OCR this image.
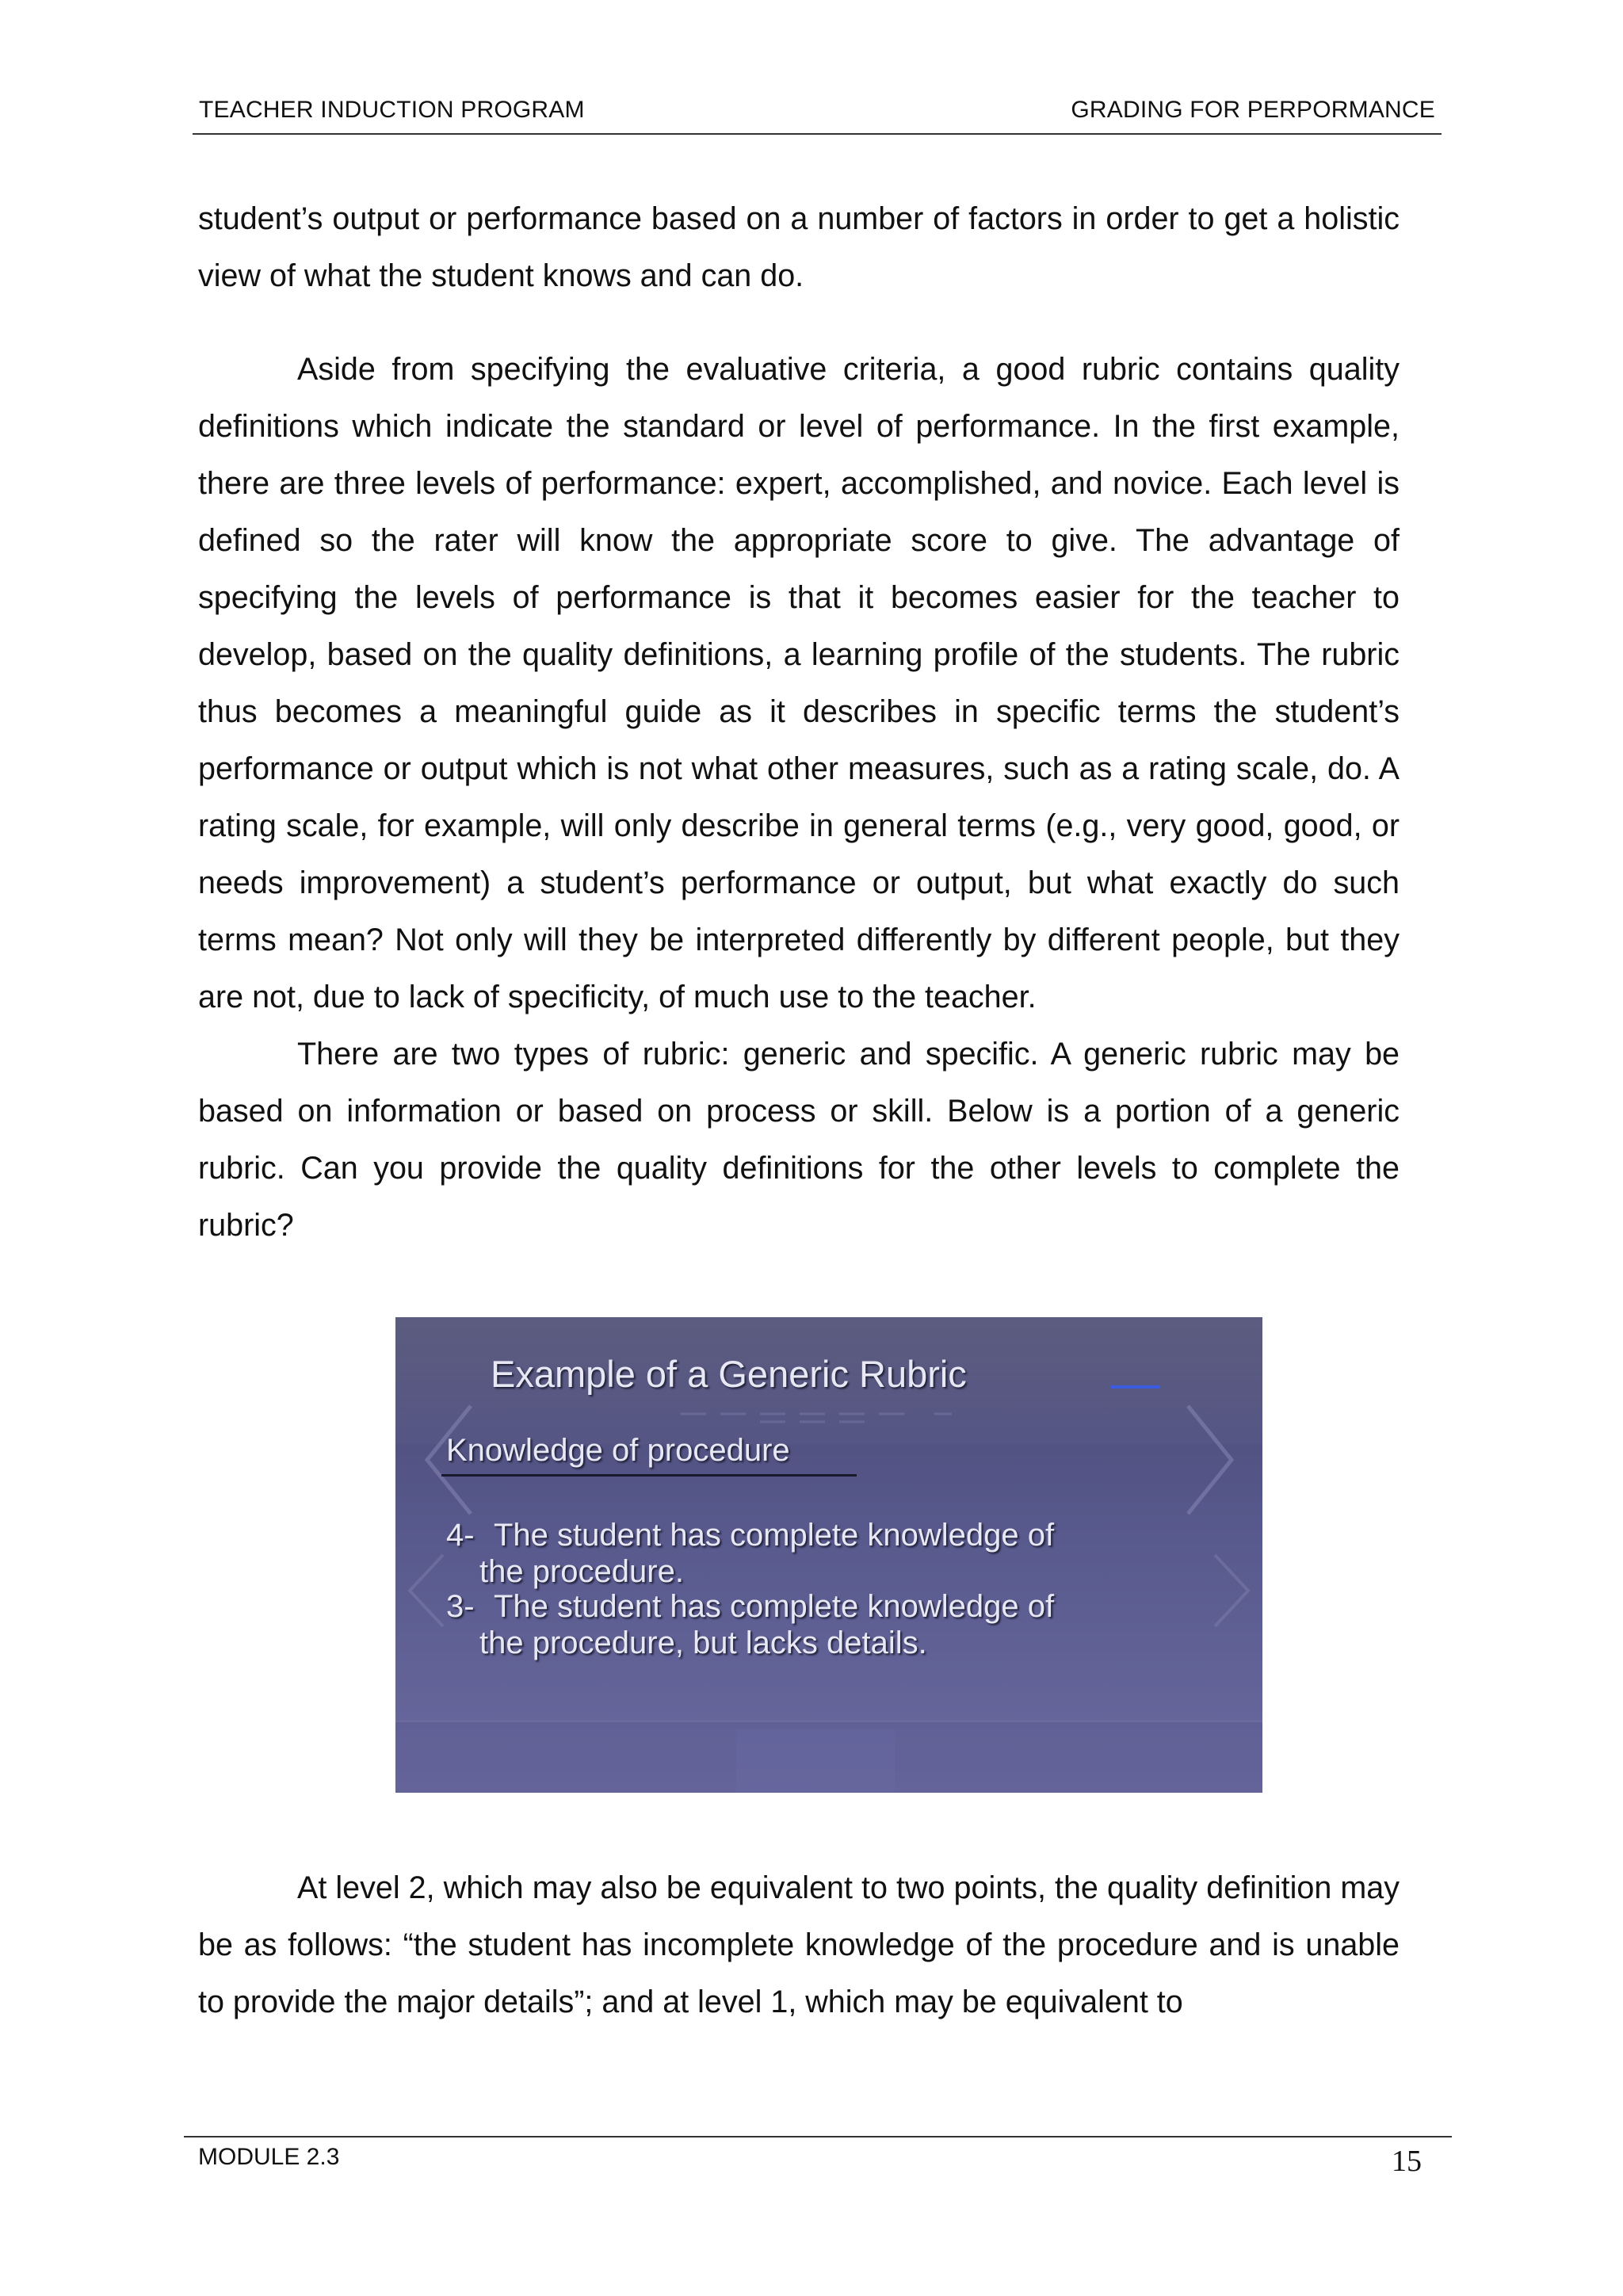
TEACHER INDUCTION PROGRAM	GRADING FOR PERPORMANCE

student’s output or performance based on a number of factors in order to get a holistic view of what the student knows and can do.

Aside from specifying the evaluative criteria, a good rubric contains quality definitions which indicate the standard or level of performance. In the first example, there are three levels of performance: expert, accomplished, and novice. Each level is defined so the rater will know the appropriate score to give. The advantage of specifying the levels of performance is that it becomes easier for the teacher to develop, based on the quality definitions, a learning profile of the students. The rubric thus becomes a meaningful guide as it describes in specific terms the student’s performance or output which is not what other measures, such as a rating scale, do. A rating scale, for example, will only describe in general terms (e.g., very good, good, or needs improvement) a student’s performance or output, but what exactly do such terms mean? Not only will they be interpreted differently by different people, but they are not, due to lack of specificity, of much use to the teacher.

There are two types of rubric: generic and specific. A generic rubric may be based on information or based on process or skill. Below is a portion of a generic rubric. Can you provide the quality definitions for the other levels to complete the rubric?

Example of a Generic Rubric
Knowledge of procedure
4- The student has complete knowledge of
the procedure.
3- The student has complete knowledge of
the procedure, but lacks details.

At level 2, which may also be equivalent to two points, the quality definition may be as follows: “the student has incomplete knowledge of the procedure and is unable to provide the major details”; and at level 1, which may be equivalent to

MODULE 2.3	15
